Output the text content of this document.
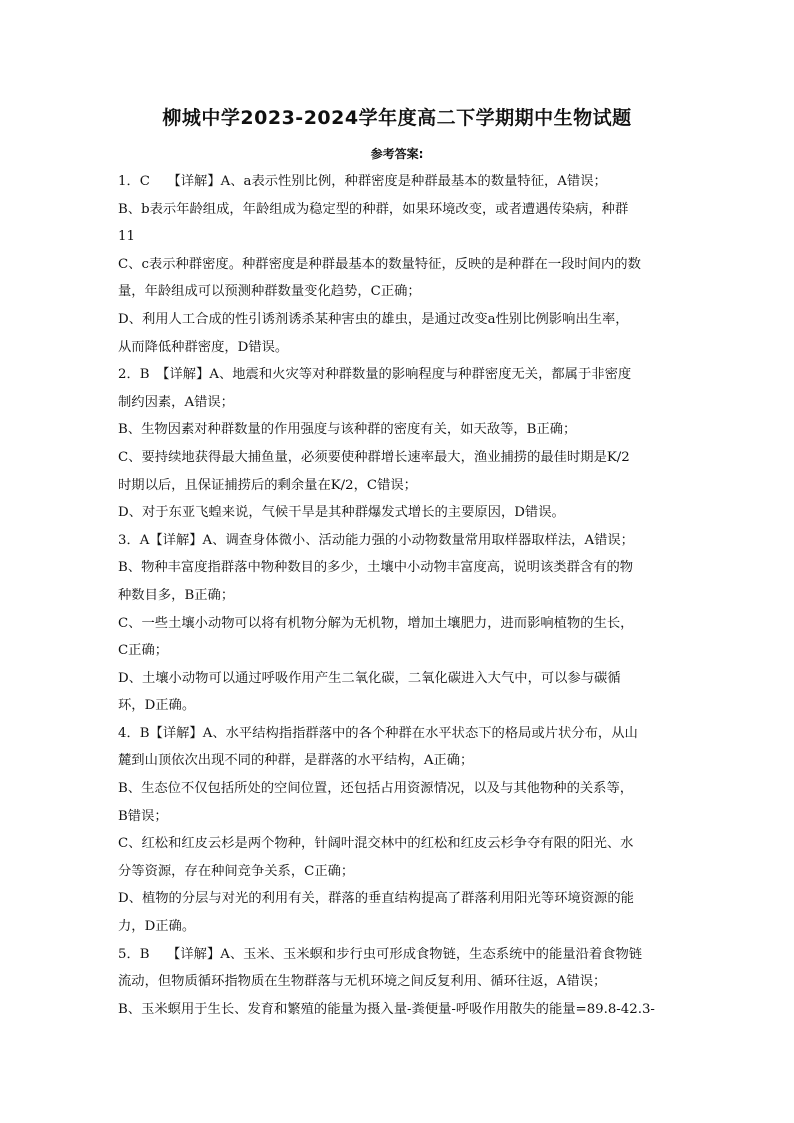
柳城中学2023-2024学年度高二下学期期中生物试题
参考答案:
1．C　 【详解】A、a表示性别比例，种群密度是种群最基本的数量特征，A错误；
B、b表示年龄组成，年龄组成为稳定型的种群，如果环境改变，或者遭遇传染病，种群
11
C、c表示种群密度。种群密度是种群最基本的数量特征，反映的是种群在一段时间内的数
量，年龄组成可以预测种群数量变化趋势，C正确；
D、利用人工合成的性引诱剂诱杀某种害虫的雄虫，是通过改变a性别比例影响出生率，
从而降低种群密度，D错误。
2．B　【详解】A、地震和火灾等对种群数量的影响程度与种群密度无关，都属于非密度
制约因素，A错误；
B、生物因素对种群数量的作用强度与该种群的密度有关，如天敌等，B正确；
C、要持续地获得最大捕鱼量，必须要使种群增长速率最大，渔业捕捞的最佳时期是K/2
时期以后，且保证捕捞后的剩余量在K/2，C错误；
D、对于东亚飞蝗来说，气候干旱是其种群爆发式增长的主要原因，D错误。
3．A【详解】A、调查身体微小、活动能力强的小动物数量常用取样器取样法，A错误；
B、物种丰富度指群落中物种数目的多少，土壤中小动物丰富度高，说明该类群含有的物
种数目多，B正确；
C、一些土壤小动物可以将有机物分解为无机物，增加土壤肥力，进而影响植物的生长，
C正确；
D、土壤小动物可以通过呼吸作用产生二氧化碳，二氧化碳进入大气中，可以参与碳循
环，D正确。
4．B【详解】A、水平结构指指群落中的各个种群在水平状态下的格局或片状分布，从山
麓到山顶依次出现不同的种群，是群落的水平结构，A正确；
B、生态位不仅包括所处的空间位置，还包括占用资源情况，以及与其他物种的关系等，
B错误；
C、红松和红皮云杉是两个物种，针阔叶混交林中的红松和红皮云杉争夺有限的阳光、水
分等资源，存在种间竞争关系，C正确；
D、植物的分层与对光的利用有关，群落的垂直结构提高了群落利用阳光等环境资源的能
力，D正确。
5．B　 【详解】A、玉米、玉米螟和步行虫可形成食物链，生态系统中的能量沿着食物链
流动，但物质循环指物质在生物群落与无机环境之间反复利用、循环往返，A错误；
B、玉米螟用于生长、发育和繁殖的能量为摄入量-粪便量-呼吸作用散失的能量=89.8-42.3-
